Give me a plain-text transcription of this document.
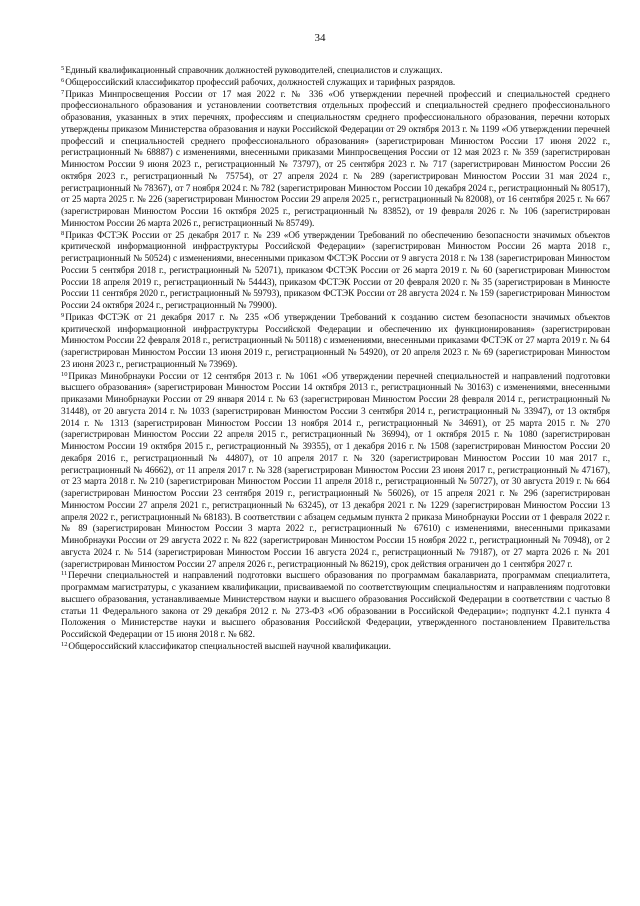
34

$^5$Единый квалификационный справочник должностей руководителей, специалистов и служащих.

$^6$Общероссийский классификатор профессий рабочих, должностей служащих и тарифных разрядов.

$^7$Приказ Минпросвещения России от 17 мая 2022 г. № 336 «Об утверждении перечней профессий и специальностей среднего профессионального образования и установлении соответствия отдельных профессий и специальностей среднего профессионального образования, указанных в этих перечнях, профессиям и специальностям среднего профессионального образования, перечни которых утверждены приказом Министерства образования и науки Российской Федерации от 29 октября 2013 г. № 1199 «Об утверждении перечней профессий и специальностей среднего профессионального образования» (зарегистрирован Минюстом России 17 июня 2022 г., регистрационный № 68887) с изменениями, внесенными приказами Минпросвещения России от 12 мая 2023 г. № 359 (зарегистрирован Минюстом России 9 июня 2023 г., регистрационный № 73797), от 25 сентября 2023 г. № 717 (зарегистрирован Минюстом России 26 октября 2023 г., регистрационный № 75754), от 27 апреля 2024 г. № 289 (зарегистрирован Минюстом России 31 мая 2024 г., регистрационный № 78367), от 7 ноября 2024 г. № 782 (зарегистрирован Минюстом России 10 декабря 2024 г., регистрационный № 80517), от 25 марта 2025 г. № 226 (зарегистрирован Минюстом России 29 апреля 2025 г., регистрационный № 82008), от 16 сентября 2025 г. № 667 (зарегистрирован Минюстом России 16 октября 2025 г., регистрационный № 83852), от 19 февраля 2026 г. № 106 (зарегистрирован Минюстом России 26 марта 2026 г., регистрационный № 85749).

$^8$Приказ ФСТЭК России от 25 декабря 2017 г. № 239 «Об утверждении Требований по обеспечению безопасности значимых объектов критической информационной инфраструктуры Российской Федерации» (зарегистрирован Минюстом России 26 марта 2018 г., регистрационный № 50524) с изменениями, внесенными приказом ФСТЭК России от 9 августа 2018 г. № 138 (зарегистрирован Минюстом России 5 сентября 2018 г., регистрационный № 52071), приказом ФСТЭК России от 26 марта 2019 г. № 60 (зарегистрирован Минюстом России 18 апреля 2019 г., регистрационный № 54443), приказом ФСТЭК России от 20 февраля 2020 г. № 35 (зарегистрирован в Минюсте России 11 сентября 2020 г., регистрационный № 59793), приказом ФСТЭК России от 28 августа 2024 г. № 159 (зарегистрирован Минюстом России 24 октября 2024 г., регистрационный № 79900).

$^9$Приказ ФСТЭК от 21 декабря 2017 г. № 235 «Об утверждении Требований к созданию систем безопасности значимых объектов критической информационной инфраструктуры Российской Федерации и обеспечению их функционирования» (зарегистрирован Минюстом России 22 февраля 2018 г., регистрационный № 50118) с изменениями, внесенными приказами ФСТЭК от 27 марта 2019 г. № 64 (зарегистрирован Минюстом России 13 июня 2019 г., регистрационный № 54920), от 20 апреля 2023 г. № 69 (зарегистрирован Минюстом 23 июня 2023 г., регистрационный № 73969).

$^{10}$Приказ Минобрнауки России от 12 сентября 2013 г. № 1061 «Об утверждении перечней специальностей и направлений подготовки высшего образования» (зарегистрирован Минюстом России 14 октября 2013 г., регистрационный № 30163) с изменениями, внесенными приказами Минобрнауки России от 29 января 2014 г. № 63 (зарегистрирован Минюстом России 28 февраля 2014 г., регистрационный № 31448), от 20 августа 2014 г. № 1033 (зарегистрирован Минюстом России 3 сентября 2014 г., регистрационный № 33947), от 13 октября 2014 г. № 1313 (зарегистрирован Минюстом России 13 ноября 2014 г., регистрационный № 34691), от 25 марта 2015 г. № 270 (зарегистрирован Минюстом России 22 апреля 2015 г., регистрационный № 36994), от 1 октября 2015 г. № 1080 (зарегистрирован Минюстом России 19 октября 2015 г., регистрационный № 39355), от 1 декабря 2016 г. № 1508 (зарегистрирован Минюстом России 20 декабря 2016 г., регистрационный № 44807), от 10 апреля 2017 г. № 320 (зарегистрирован Минюстом России 10 мая 2017 г., регистрационный № 46662), от 11 апреля 2017 г. № 328 (зарегистрирован Минюстом России 23 июня 2017 г., регистрационный № 47167), от 23 марта 2018 г. № 210 (зарегистрирован Минюстом России 11 апреля 2018 г., регистрационный № 50727), от 30 августа 2019 г. № 664 (зарегистрирован Минюстом России 23 сентября 2019 г., регистрационный № 56026), от 15 апреля 2021 г. № 296 (зарегистрирован Минюстом России 27 апреля 2021 г., регистрационный № 63245), от 13 декабря 2021 г. № 1229 (зарегистрирован Минюстом России 13 апреля 2022 г., регистрационный № 68183). В соответствии с абзацем седьмым пункта 2 приказа Минобрнауки России от 1 февраля 2022 г. № 89 (зарегистрирован Минюстом России 3 марта 2022 г., регистрационный № 67610) с изменениями, внесенными приказами Минобрнауки России от 29 августа 2022 г. № 822 (зарегистрирован Минюстом России 15 ноября 2022 г., регистрационный № 70948), от 2 августа 2024 г. № 514 (зарегистрирован Минюстом России 16 августа 2024 г., регистрационный № 79187), от 27 марта 2026 г. № 201 (зарегистрирован Минюстом России 27 апреля 2026 г., регистрационный № 86219), срок действия ограничен до 1 сентября 2027 г.

$^{11}$Перечни специальностей и направлений подготовки высшего образования по программам бакалавриата, программам специалитета, программам магистратуры, с указанием квалификации, присваиваемой по соответствующим специальностям и направлениям подготовки высшего образования, устанавливаемые Министерством науки и высшего образования Российской Федерации в соответствии с частью 8 статьи 11 Федерального закона от 29 декабря 2012 г. № 273-ФЗ «Об образовании в Российской Федерации»; подпункт 4.2.1 пункта 4 Положения о Министерстве науки и высшего образования Российской Федерации, утвержденного постановлением Правительства Российской Федерации от 15 июня 2018 г. № 682.

$^{12}$Общероссийский классификатор специальностей высшей научной квалификации.
